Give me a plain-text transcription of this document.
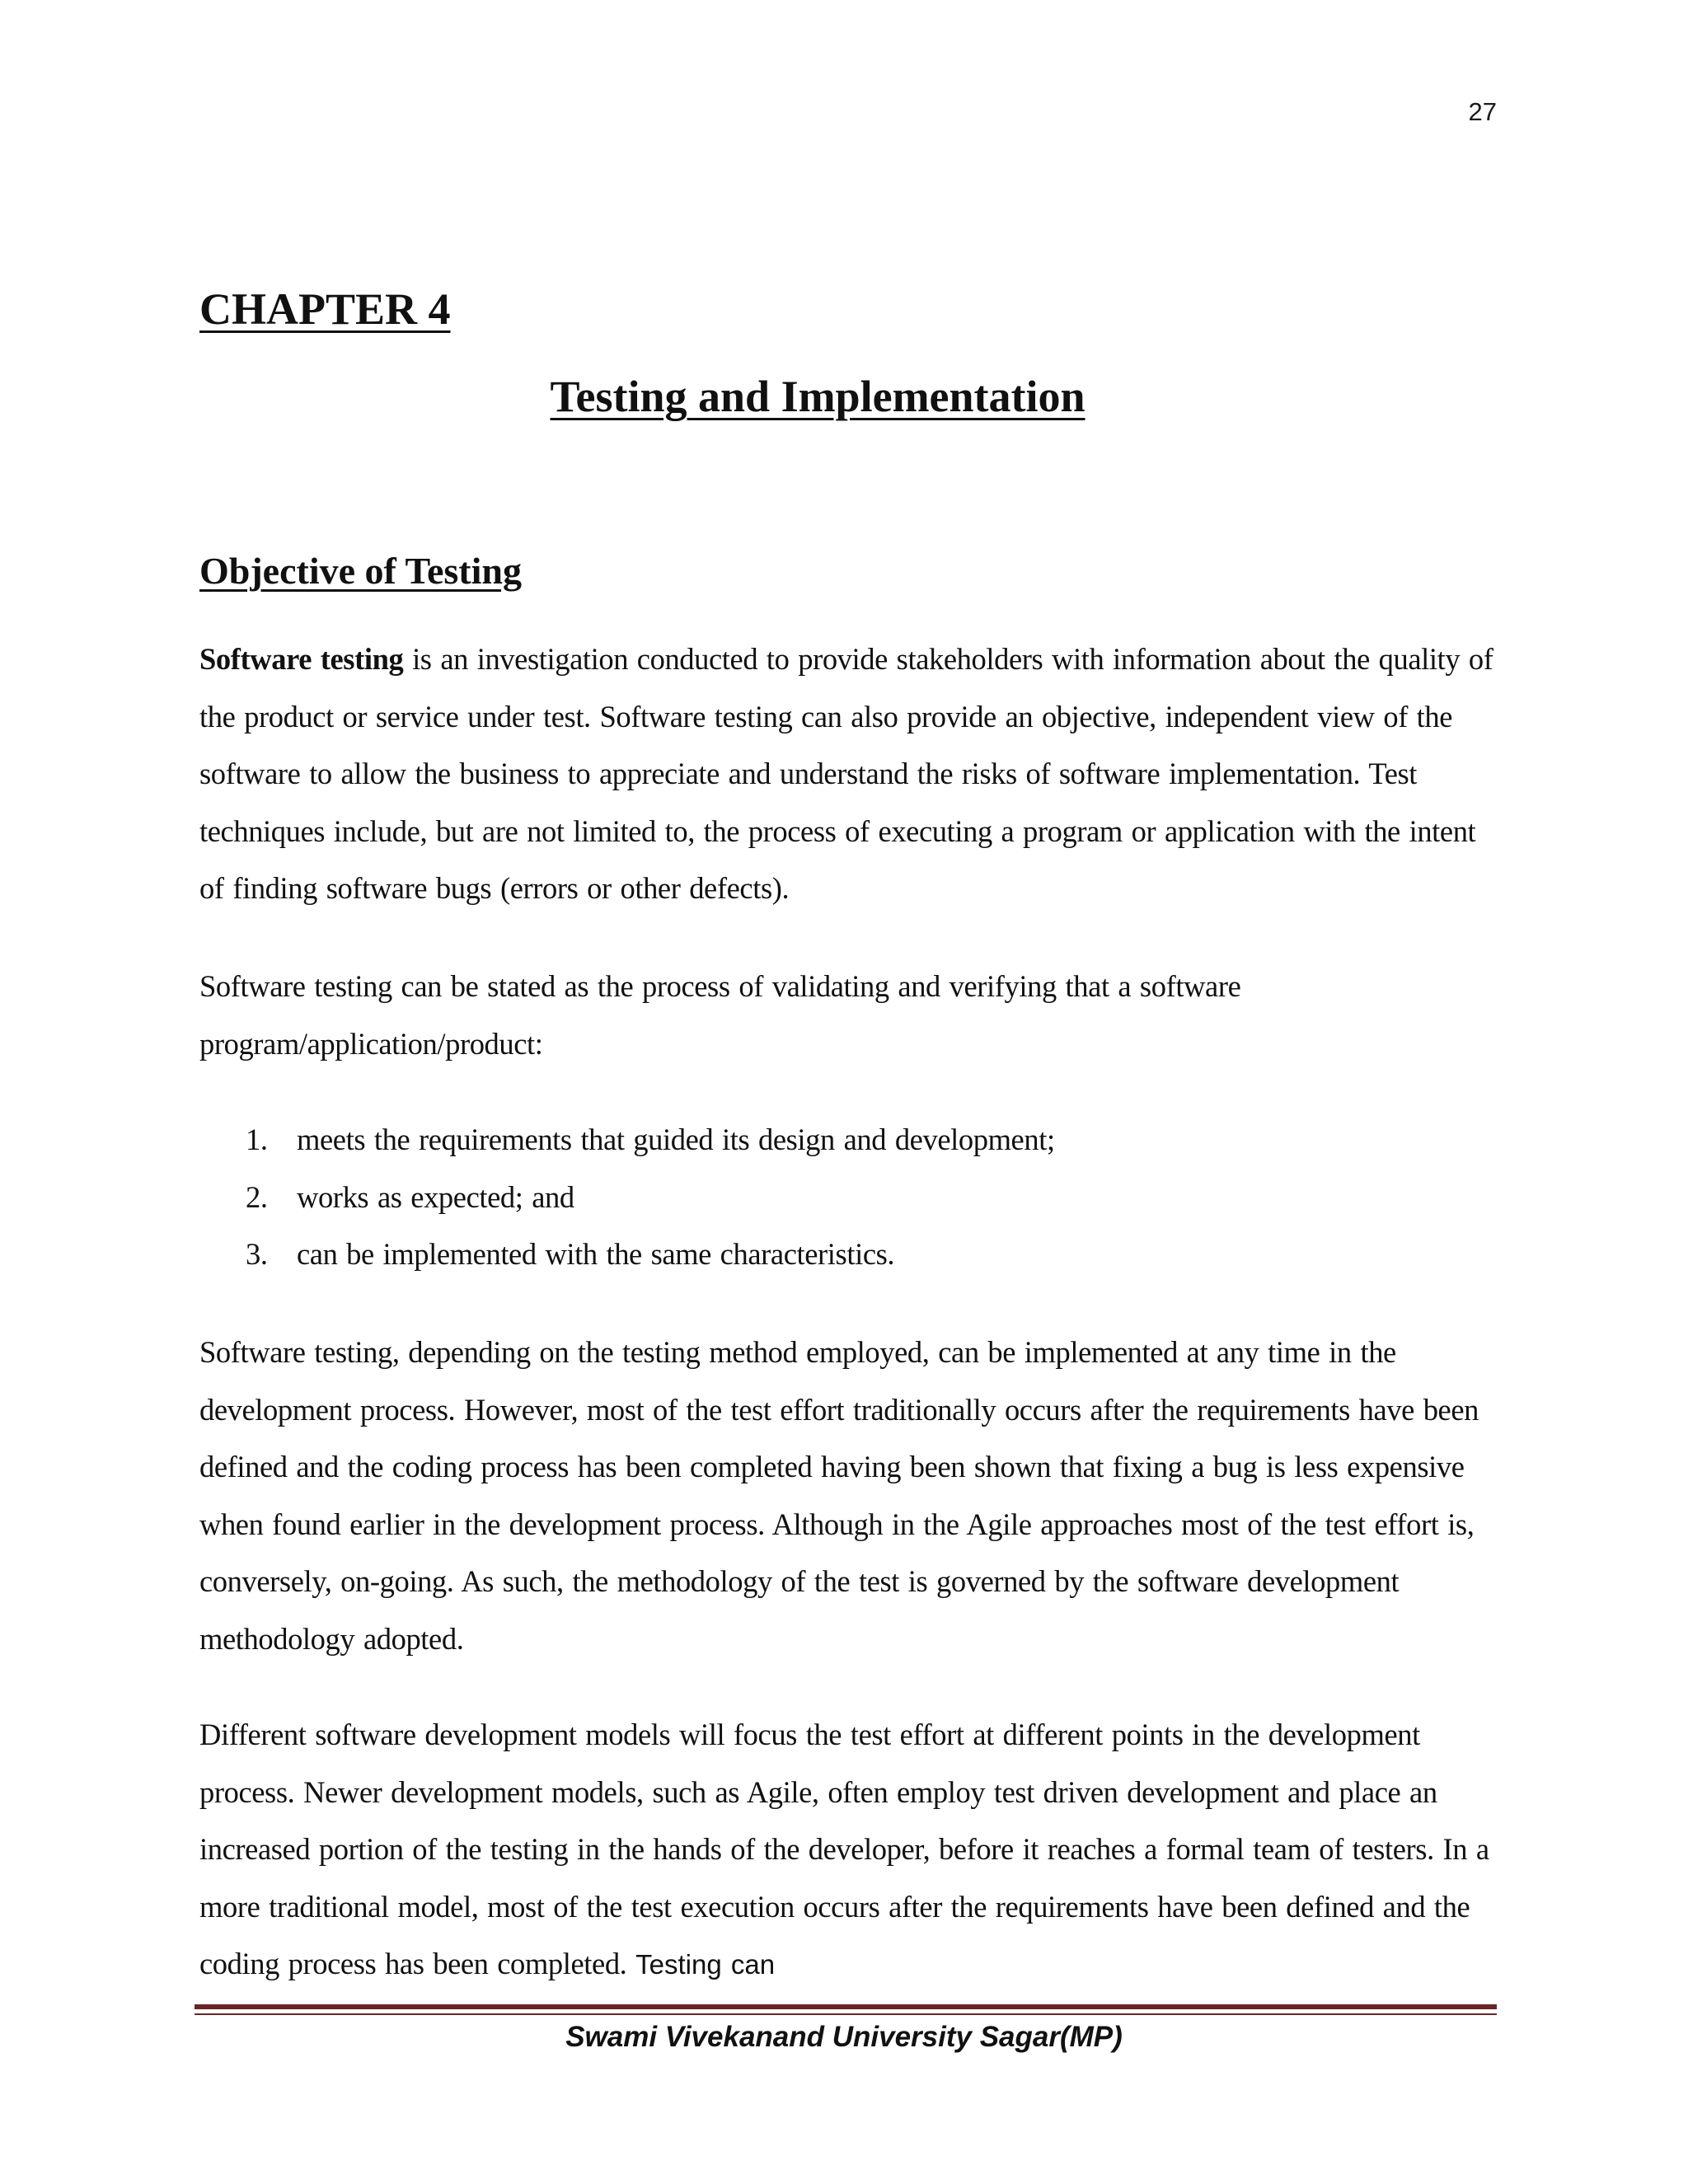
27
CHAPTER 4
Testing and Implementation
Objective of Testing

Software testing is an investigation conducted to provide stakeholders with information about the quality of the product or service under test. Software testing can also provide an objective, independent view of the software to allow the business to appreciate and understand the risks of software implementation. Test techniques include, but are not limited to, the process of executing a program or application with the intent of finding software bugs (errors or other defects).

Software testing can be stated as the process of validating and verifying that a software program/application/product:

1. meets the requirements that guided its design and development;
2. works as expected; and
3. can be implemented with the same characteristics.

Software testing, depending on the testing method employed, can be implemented at any time in the development process. However, most of the test effort traditionally occurs after the requirements have been defined and the coding process has been completed having been shown that fixing a bug is less expensive when found earlier in the development process. Although in the Agile approaches most of the test effort is, conversely, on-going. As such, the methodology of the test is governed by the software development methodology adopted.

Different software development models will focus the test effort at different points in the development process. Newer development models, such as Agile, often employ test driven development and place an increased portion of the testing in the hands of the developer, before it reaches a formal team of testers. In a more traditional model, most of the test execution occurs after the requirements have been defined and the coding process has been completed. Testing can

Swami Vivekanand University Sagar(MP)
